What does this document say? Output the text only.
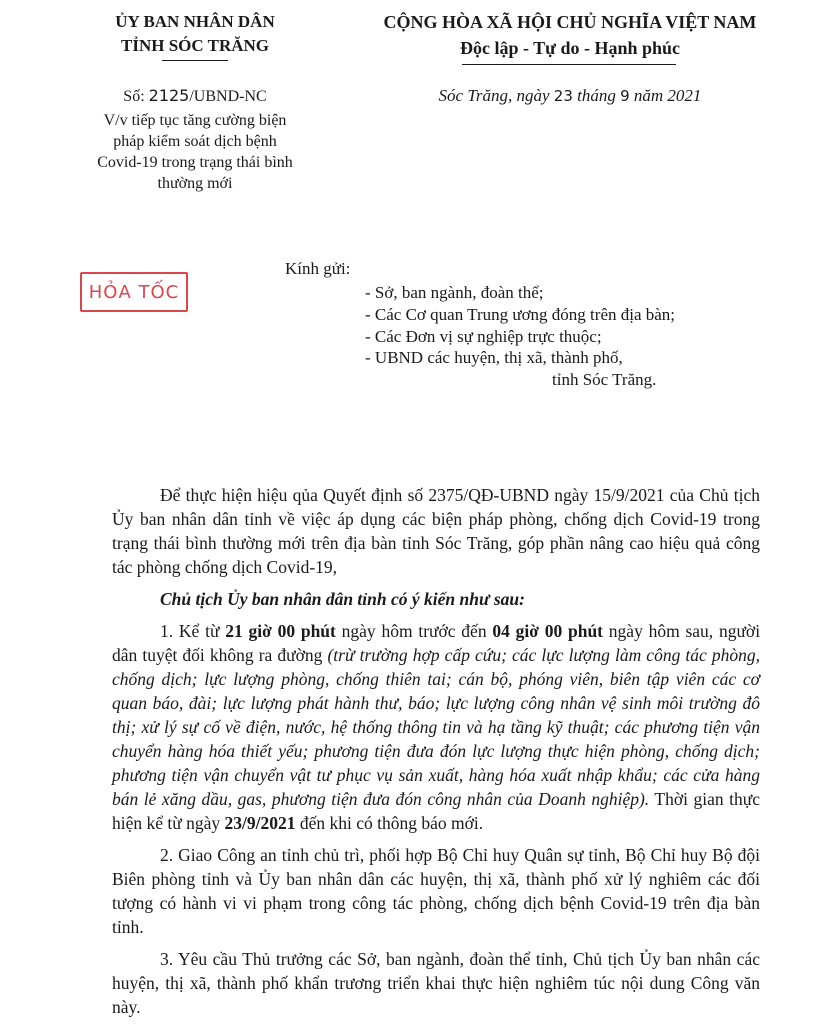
ỦY BAN NHÂN DÂN
TỈNH SÓC TRĂNG
Số: 2125/UBND-NC
V/v tiếp tục tăng cường biện pháp kiểm soát dịch bệnh Covid-19 trong trạng thái bình thường mới
CỘNG HÒA XÃ HỘI CHỦ NGHĨA VIỆT NAM
Độc lập - Tự do - Hạnh phúc
Sóc Trăng, ngày 23 tháng 9 năm 2021
HỎA TỐC
Kính gửi:
- Sở, ban ngành, đoàn thể;
- Các Cơ quan Trung ương đóng trên địa bàn;
- Các Đơn vị sự nghiệp trực thuộc;
- UBND các huyện, thị xã, thành phố,
tỉnh Sóc Trăng.

Để thực hiện hiệu qủa Quyết định số 2375/QĐ-UBND ngày 15/9/2021 của Chủ tịch Ủy ban nhân dân tỉnh về việc áp dụng các biện pháp phòng, chống dịch Covid-19 trong trạng thái bình thường mới trên địa bàn tỉnh Sóc Trăng, góp phần nâng cao hiệu quả công tác phòng chống dịch Covid-19,

Chủ tịch Ủy ban nhân dân tỉnh có ý kiến như sau:

1. Kể từ 21 giờ 00 phút ngày hôm trước đến 04 giờ 00 phút ngày hôm sau, người dân tuyệt đối không ra đường (trừ trường hợp cấp cứu; các lực lượng làm công tác phòng, chống dịch; lực lượng phòng, chống thiên tai; cán bộ, phóng viên, biên tập viên các cơ quan báo, đài; lực lượng phát hành thư, báo; lực lượng công nhân vệ sinh môi trường đô thị; xử lý sự cố về điện, nước, hệ thống thông tin và hạ tầng kỹ thuật; các phương tiện vận chuyển hàng hóa thiết yếu; phương tiện đưa đón lực lượng thực hiện phòng, chống dịch; phương tiện vận chuyển vật tư phục vụ sản xuất, hàng hóa xuất nhập khẩu; các cửa hàng bán lẻ xăng dầu, gas, phương tiện đưa đón công nhân của Doanh nghiệp). Thời gian thực hiện kể từ ngày 23/9/2021 đến khi có thông báo mới.

2. Giao Công an tỉnh chủ trì, phối hợp Bộ Chỉ huy Quân sự tỉnh, Bộ Chỉ huy Bộ đội Biên phòng tỉnh và Ủy ban nhân dân các huyện, thị xã, thành phố xử lý nghiêm các đối tượng có hành vi vi phạm trong công tác phòng, chống dịch bệnh Covid-19 trên địa bàn tỉnh.

3. Yêu cầu Thủ trưởng các Sở, ban ngành, đoàn thể tỉnh, Chủ tịch Ủy ban nhân các huyện, thị xã, thành phố khẩn trương triển khai thực hiện nghiêm túc nội dung Công văn này.
